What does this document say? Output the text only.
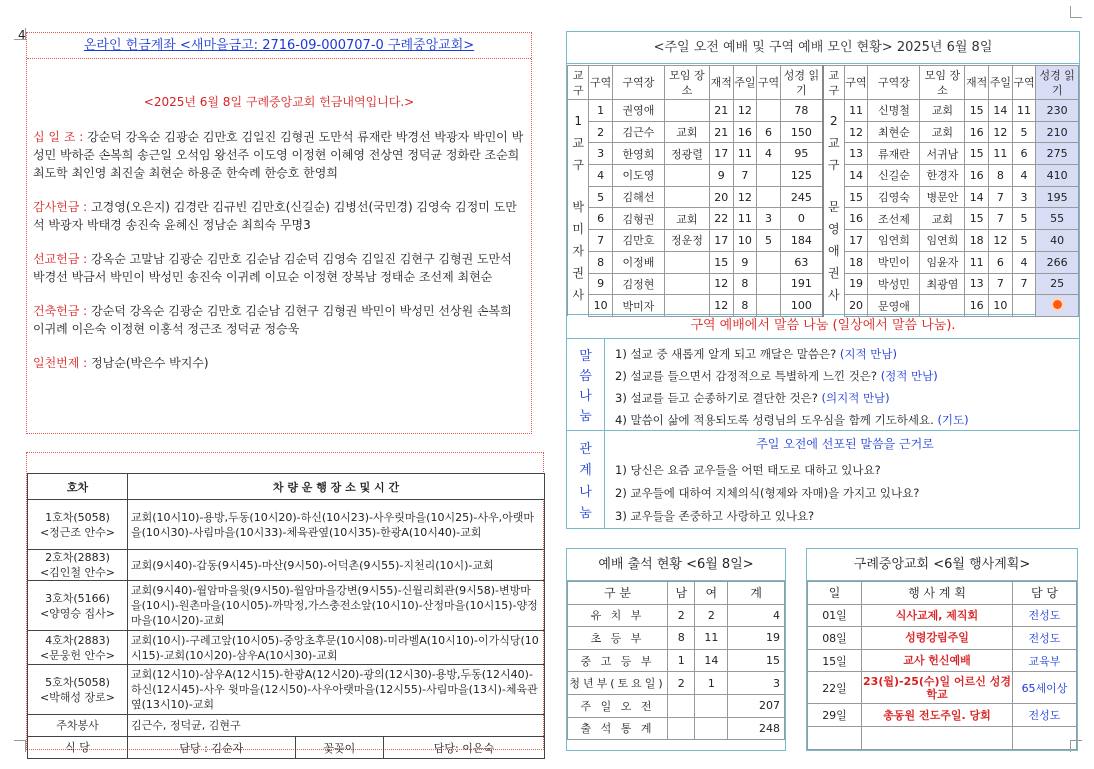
4
온라인 헌금계좌 <새마을금고: 2716-09-000707-0 구례중앙교회>
<2025년 6월 8일 구례중앙교회 헌금내역입니다.>
십 일 조 : 강순덕 강옥순 김광순 김만호 김일진 김형권 도만석 류재란 박경선 박광자 박민이 박성민 박하준 손복희 송근일 오석임 왕선주 이도영 이정현 이혜영 전상연 정덕균 정화란 조순희 최도학 최인영 최진술 최현순 하용준 한숙례 한승호 한영희
감사헌금 : 고경영(오은지) 김경란 김규빈 김만호(신길순) 김병선(국민경) 김영숙 김정미 도만석 박광자 박태경 송진숙 윤혜신 정남순 최희숙 무명3
선교헌금 : 강옥순 고말남 김광순 김만호 김순남 김순덕 김영숙 김일진 김현구 김형권 도만석 박경선 박금서 박민이 박성민 송진숙 이귀례 이묘순 이정현 장복남 정태순 조선제 최현순
건축헌금 : 강순덕 강옥순 김광순 김만호 김순남 김현구 김형권 박민이 박성민 선상원 손복희 이귀례 이은숙 이정현 이홍석 정근조 정덕균 정승욱
일천번제 : 정남순(박은수 박지수)
호차	차 량 운 행 장 소 및 시 간		

1호차(5058)
<정근조 안수>	교회(10시10)-용방,두동(10시20)-하신(10시23)-사우릿마을(10시25)-사우,아랫마을(10시30)-사림마을(10시33)-체육관옆(10시35)-한광A(10시40)-교회		

2호차(2883)
<김인철 안수>	교회(9시40)-갑동(9시45)-마산(9시50)-어덕촌(9시55)-지천리(10시)-교회		

3호차(5166)
<양영승 집사>	교회(9시40)-월암마을윗(9시50)-월암마을강변(9시55)-신월리회관(9시58)-변방마을(10시)-원촌마을(10시05)-까막정,가스충전소앞(10시10)-산정마을(10시15)-양정마을(10시20)-교회		

4호차(2883)
<문웅헌 안수>	교회(10시)-구례고앞(10시05)-중앙초후문(10시08)-미라벨A(10시10)-이가식당(10시15)-교회(10시20)-삼우A(10시30)-교회		

5호차(5058)
<박해성 장로>	교회(12시10)-삼우A(12시15)-한광A(12시20)-광의(12시30)-용방,두동(12시40)-하신(12시45)-사우 윗마을(12시50)-사우아랫마을(12시55)-사림마을(13시)-체육관옆(13시10)-교회		
주차봉사	김근수, 정덕균, 김현구		
식 당	담당 : 김순자	꽃꽂이	담당: 이은숙
<주일 오전 예배 및 구역 예배 모인 현황> 2025년 6월 8일
교구	구역	구역장	모임 장소	재적	주일	구역	성경 읽기	교구	구역	구역장	모임 장소	재적	주일	구역	성경 읽기
1 교 구	1	권영애		21	12		78	2 교 구	11	신명철	교회	15	14	11	230
	2	김근수	교회	21	16	6	150		12	최현순	교회	16	12	5	210
	3	한영희	정광렬	17	11	4	95		13	류재란	서귀남	15	11	6	275
	4	이도영		9	7		125		14	신길순	한경자	16	8	4	410
박 미 자 권 사	5	김해선		20	12		245	문 영 애 권 사	15	김영숙	병문안	14	7	3	195
	6	김형권	교회	22	11	3	0		16	조선제	교회	15	7	5	55
	7	김만호	정운정	17	10	5	184		17	임연희	임연희	18	12	5	40
	8	이정배		15	9		63		18	박민이	임윤자	11	6	4	266
	9	김정현		12	8		191		19	박성민	최광염	13	7	7	25
	10	박미자		12	8		100		20	문영애		16	10		
구역 예배에서 말씀 나눔 (일상에서 말씀 나눔).
말
씀
나
눔
1) 설교 중 새롭게 알게 되고 깨달은 말씀은? (지적 만남)
2) 설교를 들으면서 감정적으로 특별하게 느낀 것은? (정적 만남)
3) 설교를 듣고 순종하기로 결단한 것은? (의지적 만남)
4) 말씀이 삶에 적용되도록 성령님의 도우심을 함께 기도하세요. (기도)
관
계
나
눔
주일 오전에 선포된 말씀을 근거로
1) 당신은 요즘 교우들을 어떤 태도로 대하고 있나요?
2) 교우들에 대하여 지체의식(형제와 자매)을 가지고 있나요?
3) 교우들을 존중하고 사랑하고 있나요?
예배 출석 현황 <6월 8일>
구 분	남	여	계
유 치 부	2	2	4
초 등 부	8	11	19
중 고 등 부	1	14	15
청년부(토요일)	2	1	3
주 일 오 전			207
출 석 통 계			248
구례중앙교회 <6월 행사계획>
일	행 사 계 획	담 당
01일	식사교제, 제직회	전성도
08일	성령강림주일	전성도
15일	교사 헌신예배	교육부
22일	23(월)-25(수)일 어르신 성경학교	65세이상
29일	총동원 전도주일. 당회	전성도
